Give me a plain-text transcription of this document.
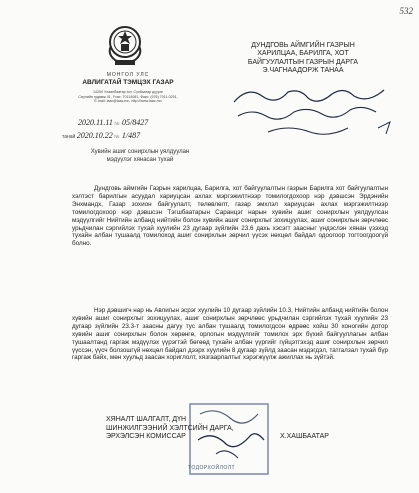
532
МОНГОЛ УЛС
АВЛИГАТАЙ ТЭМЦЭХ ГАЗАР
14250 Улаанбаатар хот, Сүхбаатар дүүрэг
Сөүлийн гудамж 41, Утас: 70114081, Факс: (976) 7011-0251,
E-mail: iaac@iaac.mn, http://www.iaac.mn
2020.11.11 № 05/8427
танай 2020.10.22 № 1/487
Хувийн ашиг сонирхлын уялдуулан
мэдүүлэг хянасан тухай
ДУНДГОВЬ АЙМГИЙН ГАЗРЫН
ХАРИЛЦАА, БАРИЛГА, ХОТ
БАЙГУУЛАЛТЫН ГАЗРЫН ДАРГА
Э.ЧАГНААДОРЖ ТАНАА

Дундговь аймгийн Газрын харилцаа, Барилга, хот байгуулалтын газрын Барилга хот байгуулалтын хэлтэст барилгын асуудал хариуцсан ахлах мэргэжилтнээр томилогдохоор нэр дэвшсэн Эрдэнийн Энхмандх, Газар зохион байгуулалт, төлөвлөлт, газар эмхлэл хариуцсан ахлах мэргэжилтнээр томилогдохоор нэр дэвшсэн Тэгшбаатарын Саранцэг нарын хувийн ашиг сонирхлын уялдуулсан мэдүүлгийг Нийтийн албанд нийтийн болон хувийн ашиг сонирхлыг зохицуулах, ашиг сонирхлын зөрчлөөс урьдчилан сэргийлэх тухай хуулийн 23 дугаар зүйлийн 23.6 дахь хэсэгт заасныг үндэслэн хянан үзэхэд тухайн албан тушаалд томилоход ашиг сонирхлын зөрчил үүсэх нөхцөл байдал одоогоор тогтоогдоогүй болно.

Нэр дэвшигч нар нь Авлигын эсрэг хуулийн 10 дугаар зүйлийн 10.3, Нийтийн албанд нийтийн болон хувийн ашиг сонирхлыг зохицуулах, ашиг сонирхлын зөрчлөөс урьдчилан сэргийлэх тухай хуулийн 23 дугаар зүйлийн 23.3-т заасны дагуу тус албан тушаалд томилогдсон өдрөөс хойш 30 хоногийн дотор хувийн ашиг сонирхлын болон хөрөнгө, орлогын мэдүүлгийг томилох эрх бүхий байгууллагын албан тушаалтанд гаргаж мэдүүлэх үүрэгтэй бөгөөд тухайн албан үүргийг гүйцэтгэхэд ашиг сонирхлын зөрчил үүссэн, үүсч болзошгүй нөхцөл байдал дээрх хуулийн 8 дугаар зүйлд заасан мэдэгдэл, татгалзал тухай бүр гаргаж байх, мөн хуульд заасан хориглолт, хязгаарлалтыг хэрэгжүүлж ажиллах нь зүйтэй.

ТОДОРХОЙЛОЛТ
ХЯНАЛТ ШАЛГАЛТ, ДҮН
ШИНЖИЛГЭЭНИЙ ХЭЛТСИЙН ДАРГА,
ЭРХЭЛСЭН КОМИССАР	Х.ХАШБААТАР
